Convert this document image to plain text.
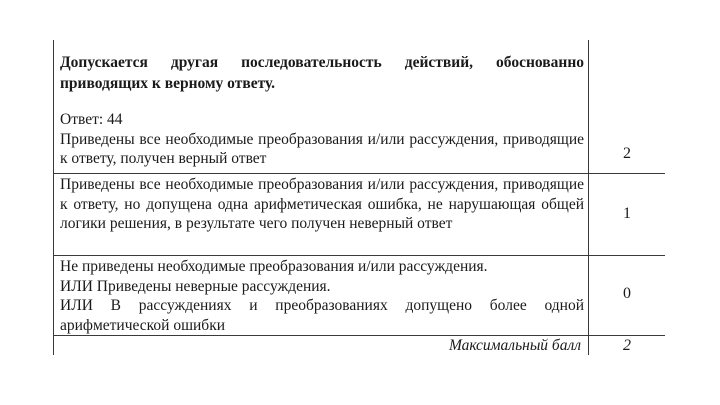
Допускается другая последовательность действий, обоснованно приводящих к верному ответу.

Ответ: 44

Приведены все необходимые преобразования и/или рассуждения, приводящие к ответу, получен верный ответ	2

Приведены все необходимые преобразования и/или рассуждения, приводящие к ответу, но допущена одна арифметическая ошибка, не нарушающая общей логики решения, в результате чего получен неверный ответ

1

Не приведены необходимые преобразования и/или рассуждения.

ИЛИ Приведены неверные рассуждения.

ИЛИ В рассуждениях и преобразованиях допущено более одной арифметической ошибки

0
Максимальный балл	2
